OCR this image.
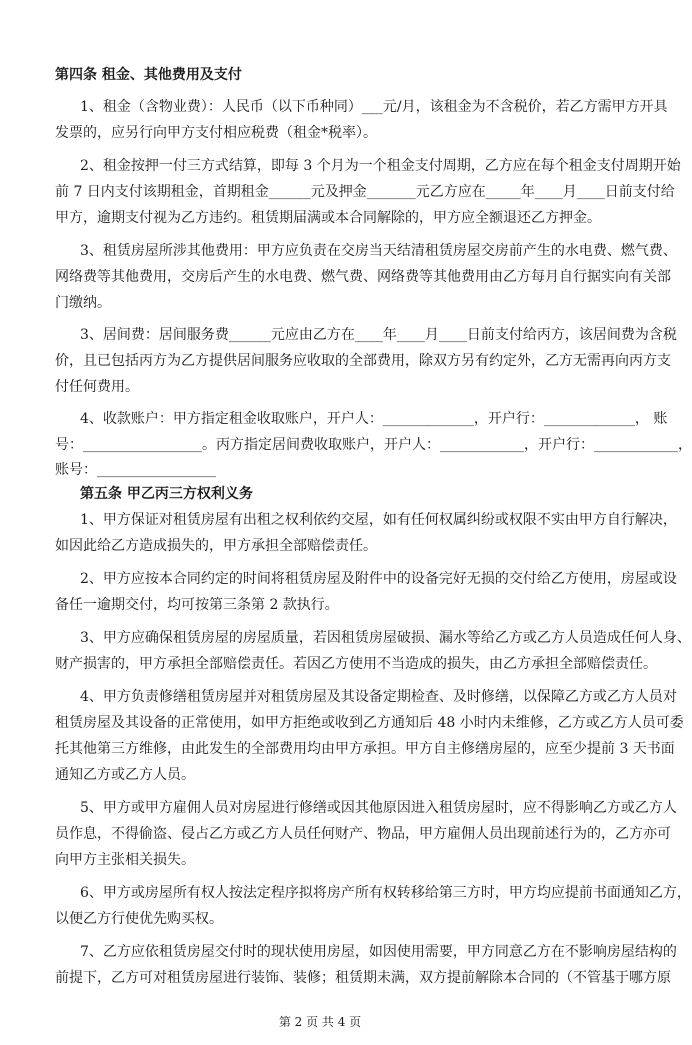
第四条 租金、其他费用及支付
1、租金（含物业费）：人民币（以下币种同）___元/月，该租金为不含税价，若乙方需甲方开具
发票的，应另行向甲方支付相应税费（租金*税率）。
2、租金按押一付三方式结算，即每 3 个月为一个租金支付周期，乙方应在每个租金支付周期开始
前 7 日内支付该期租金，首期租金______元及押金_______元乙方应在_____年____月____日前支付给
甲方，逾期支付视为乙方违约。租赁期届满或本合同解除的，甲方应全额退还乙方押金。
3、租赁房屋所涉其他费用：甲方应负责在交房当天结清租赁房屋交房前产生的水电费、燃气费、
网络费等其他费用，交房后产生的水电费、燃气费、网络费等其他费用由乙方每月自行据实向有关部
门缴纳。
3、居间费：居间服务费______元应由乙方在____年____月____日前支付给丙方，该居间费为含税
价，且已包括丙方为乙方提供居间服务应收取的全部费用，除双方另有约定外，乙方无需再向丙方支
付任何费用。
4、收款账户：甲方指定租金收取账户，开户人：_____________，开户行：_____________， 账
号：_________________。丙方指定居间费收取账户，开户人：____________，开户行：____________，
账号：_________________
第五条 甲乙丙三方权利义务
1、甲方保证对租赁房屋有出租之权利依约交屋，如有任何权属纠纷或权限不实由甲方自行解决，
如因此给乙方造成损失的，甲方承担全部赔偿责任。
2、甲方应按本合同约定的时间将租赁房屋及附件中的设备完好无损的交付给乙方使用，房屋或设
备任一逾期交付，均可按第三条第 2 款执行。
3、甲方应确保租赁房屋的房屋质量，若因租赁房屋破损、漏水等给乙方或乙方人员造成任何人身、
财产损害的，甲方承担全部赔偿责任。若因乙方使用不当造成的损失，由乙方承担全部赔偿责任。
4、甲方负责修缮租赁房屋并对租赁房屋及其设备定期检查、及时修缮，以保障乙方或乙方人员对
租赁房屋及其设备的正常使用，如甲方拒绝或收到乙方通知后 48 小时内未维修，乙方或乙方人员可委
托其他第三方维修，由此发生的全部费用均由甲方承担。甲方自主修缮房屋的，应至少提前 3 天书面
通知乙方或乙方人员。
5、甲方或甲方雇佣人员对房屋进行修缮或因其他原因进入租赁房屋时，应不得影响乙方或乙方人
员作息，不得偷盗、侵占乙方或乙方人员任何财产、物品，甲方雇佣人员出现前述行为的，乙方亦可
向甲方主张相关损失。
6、甲方或房屋所有权人按法定程序拟将房产所有权转移给第三方时，甲方均应提前书面通知乙方，
以便乙方行使优先购买权。
7、乙方应依租赁房屋交付时的现状使用房屋，如因使用需要，甲方同意乙方在不影响房屋结构的
前提下，乙方可对租赁房屋进行装饰、装修；租赁期未满，双方提前解除本合同的（不管基于哪方原
第 2 页 共 4 页
